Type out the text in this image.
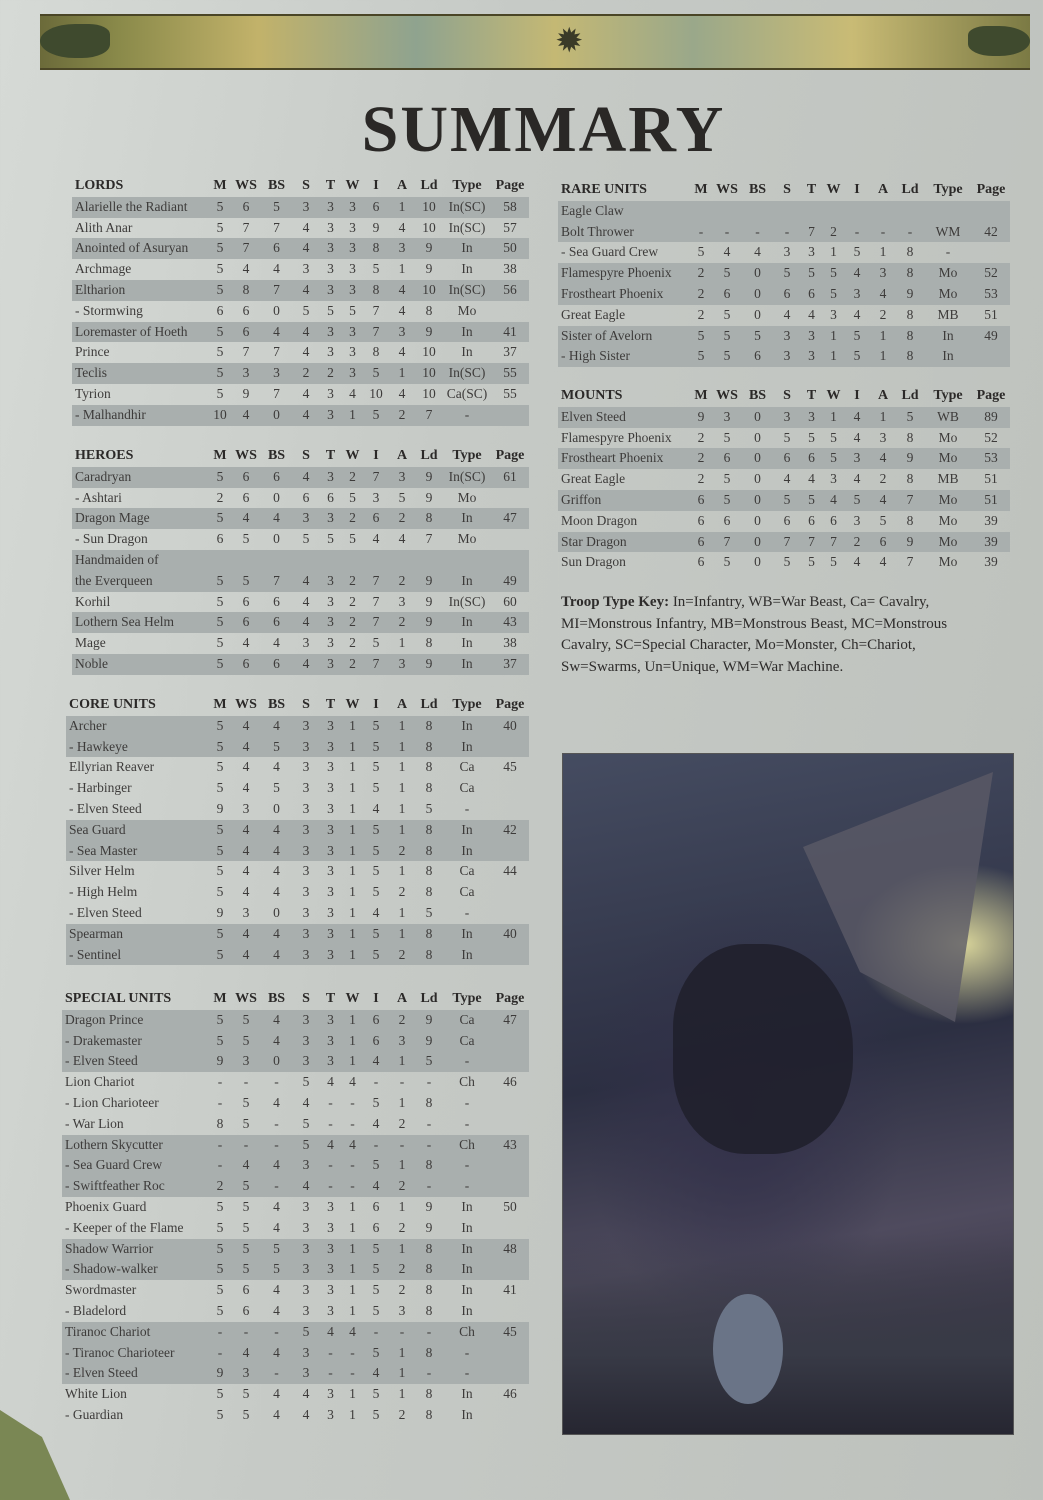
✹
SUMMARY
LORDS	M	WS	BS	S	T	W	I	A	Ld	Type	Page
Alarielle the Radiant	5	6	5	3	3	3	6	1	10	In(SC)	58
Alith Anar	5	7	7	4	3	3	9	4	10	In(SC)	57
Anointed of Asuryan	5	7	6	4	3	3	8	3	9	In	50
Archmage	5	4	4	3	3	3	5	1	9	In	38
Eltharion	5	8	7	4	3	3	8	4	10	In(SC)	56
- Stormwing	6	6	0	5	5	5	7	4	8	Mo	
Loremaster of Hoeth	5	6	4	4	3	3	7	3	9	In	41
Prince	5	7	7	4	3	3	8	4	10	In	37
Teclis	5	3	3	2	2	3	5	1	10	In(SC)	55
Tyrion	5	9	7	4	3	4	10	4	10	Ca(SC)	55
- Malhandhir	10	4	0	4	3	1	5	2	7	-	
HEROES	M	WS	BS	S	T	W	I	A	Ld	Type	Page
Caradryan	5	6	6	4	3	2	7	3	9	In(SC)	61
- Ashtari	2	6	0	6	6	5	3	5	9	Mo	
Dragon Mage	5	4	4	3	3	2	6	2	8	In	47
- Sun Dragon	6	5	0	5	5	5	4	4	7	Mo	
Handmaiden of											
the Everqueen	5	5	7	4	3	2	7	2	9	In	49
Korhil	5	6	6	4	3	2	7	3	9	In(SC)	60
Lothern Sea Helm	5	6	6	4	3	2	7	2	9	In	43
Mage	5	4	4	3	3	2	5	1	8	In	38
Noble	5	6	6	4	3	2	7	3	9	In	37
CORE UNITS	M	WS	BS	S	T	W	I	A	Ld	Type	Page
Archer	5	4	4	3	3	1	5	1	8	In	40
- Hawkeye	5	4	5	3	3	1	5	1	8	In	
Ellyrian Reaver	5	4	4	3	3	1	5	1	8	Ca	45
- Harbinger	5	4	5	3	3	1	5	1	8	Ca	
- Elven Steed	9	3	0	3	3	1	4	1	5	-	
Sea Guard	5	4	4	3	3	1	5	1	8	In	42
- Sea Master	5	4	4	3	3	1	5	2	8	In	
Silver Helm	5	4	4	3	3	1	5	1	8	Ca	44
- High Helm	5	4	4	3	3	1	5	2	8	Ca	
- Elven Steed	9	3	0	3	3	1	4	1	5	-	
Spearman	5	4	4	3	3	1	5	1	8	In	40
- Sentinel	5	4	4	3	3	1	5	2	8	In	
SPECIAL UNITS	M	WS	BS	S	T	W	I	A	Ld	Type	Page
Dragon Prince	5	5	4	3	3	1	6	2	9	Ca	47
- Drakemaster	5	5	4	3	3	1	6	3	9	Ca	
- Elven Steed	9	3	0	3	3	1	4	1	5	-	
Lion Chariot	-	-	-	5	4	4	-	-	-	Ch	46
- Lion Charioteer	-	5	4	4	-	-	5	1	8	-	
- War Lion	8	5	-	5	-	-	4	2	-	-	
Lothern Skycutter	-	-	-	5	4	4	-	-	-	Ch	43
- Sea Guard Crew	-	4	4	3	-	-	5	1	8	-	
- Swiftfeather Roc	2	5	-	4	-	-	4	2	-	-	
Phoenix Guard	5	5	4	3	3	1	6	1	9	In	50
- Keeper of the Flame	5	5	4	3	3	1	6	2	9	In	
Shadow Warrior	5	5	5	3	3	1	5	1	8	In	48
- Shadow-walker	5	5	5	3	3	1	5	2	8	In	
Swordmaster	5	6	4	3	3	1	5	2	8	In	41
- Bladelord	5	6	4	3	3	1	5	3	8	In	
Tiranoc Chariot	-	-	-	5	4	4	-	-	-	Ch	45
- Tiranoc Charioteer	-	4	4	3	-	-	5	1	8	-	
- Elven Steed	9	3	-	3	-	-	4	1	-	-	
White Lion	5	5	4	4	3	1	5	1	8	In	46
- Guardian	5	5	4	4	3	1	5	2	8	In	
RARE UNITS	M	WS	BS	S	T	W	I	A	Ld	Type	Page
Eagle Claw											
Bolt Thrower	-	-	-	-	7	2	-	-	-	WM	42
- Sea Guard Crew	5	4	4	3	3	1	5	1	8	-	
Flamespyre Phoenix	2	5	0	5	5	5	4	3	8	Mo	52
Frostheart Phoenix	2	6	0	6	6	5	3	4	9	Mo	53
Great Eagle	2	5	0	4	4	3	4	2	8	MB	51
Sister of Avelorn	5	5	5	3	3	1	5	1	8	In	49
- High Sister	5	5	6	3	3	1	5	1	8	In	
MOUNTS	M	WS	BS	S	T	W	I	A	Ld	Type	Page
Elven Steed	9	3	0	3	3	1	4	1	5	WB	89
Flamespyre Phoenix	2	5	0	5	5	5	4	3	8	Mo	52
Frostheart Phoenix	2	6	0	6	6	5	3	4	9	Mo	53
Great Eagle	2	5	0	4	4	3	4	2	8	MB	51
Griffon	6	5	0	5	5	4	5	4	7	Mo	51
Moon Dragon	6	6	0	6	6	6	3	5	8	Mo	39
Star Dragon	6	7	0	7	7	7	2	6	9	Mo	39
Sun Dragon	6	5	0	5	5	5	4	4	7	Mo	39
Troop Type Key: In=Infantry, WB=War Beast, Ca= Cavalry, MI=Monstrous Infantry, MB=Monstrous Beast, MC=Monstrous Cavalry, SC=Special Character, Mo=Monster, Ch=Chariot, Sw=Swarms, Un=Unique, WM=War Machine.
